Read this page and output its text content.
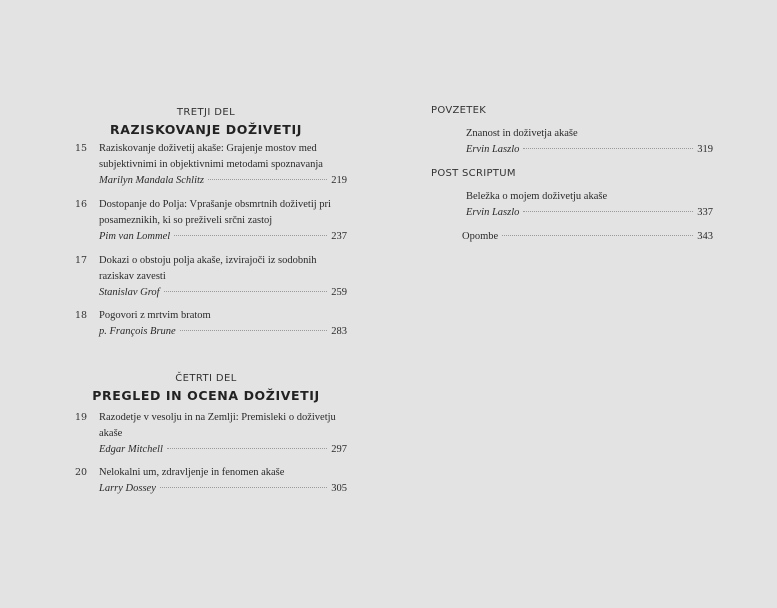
TRETJI DEL
RAZISKOVANJE DOŽIVETIJ
15	Raziskovanje doživetij akaše: Grajenje mostov med subjektivnimi in objektivnimi metodami spoznavanja
Marilyn Mandala Schlitz	219
16	Dostopanje do Polja: Vprašanje obsmrtnih doživetij pri posameznikih, ki so preživeli srčni zastoj
Pim van Lommel	237
17	Dokazi o obstoju polja akaše, izvirajoči iz sodobnih raziskav zavesti
Stanislav Grof	259
18	Pogovori z mrtvim bratom
p. François Brune	283
ČETRTI DEL
PREGLED IN OCENA DOŽIVETIJ
19	Razodetje v vesolju in na Zemlji: Premisleki o doživetju akaše
Edgar Mitchell	297
20	Nelokalni um, zdravljenje in fenomen akaše
Larry Dossey	305
POVZETEK
Znanost in doživetja akaše
Ervin Laszlo	319
POST SCRIPTUM
Beležka o mojem doživetju akaše
Ervin Laszlo	337
Opombe	343
